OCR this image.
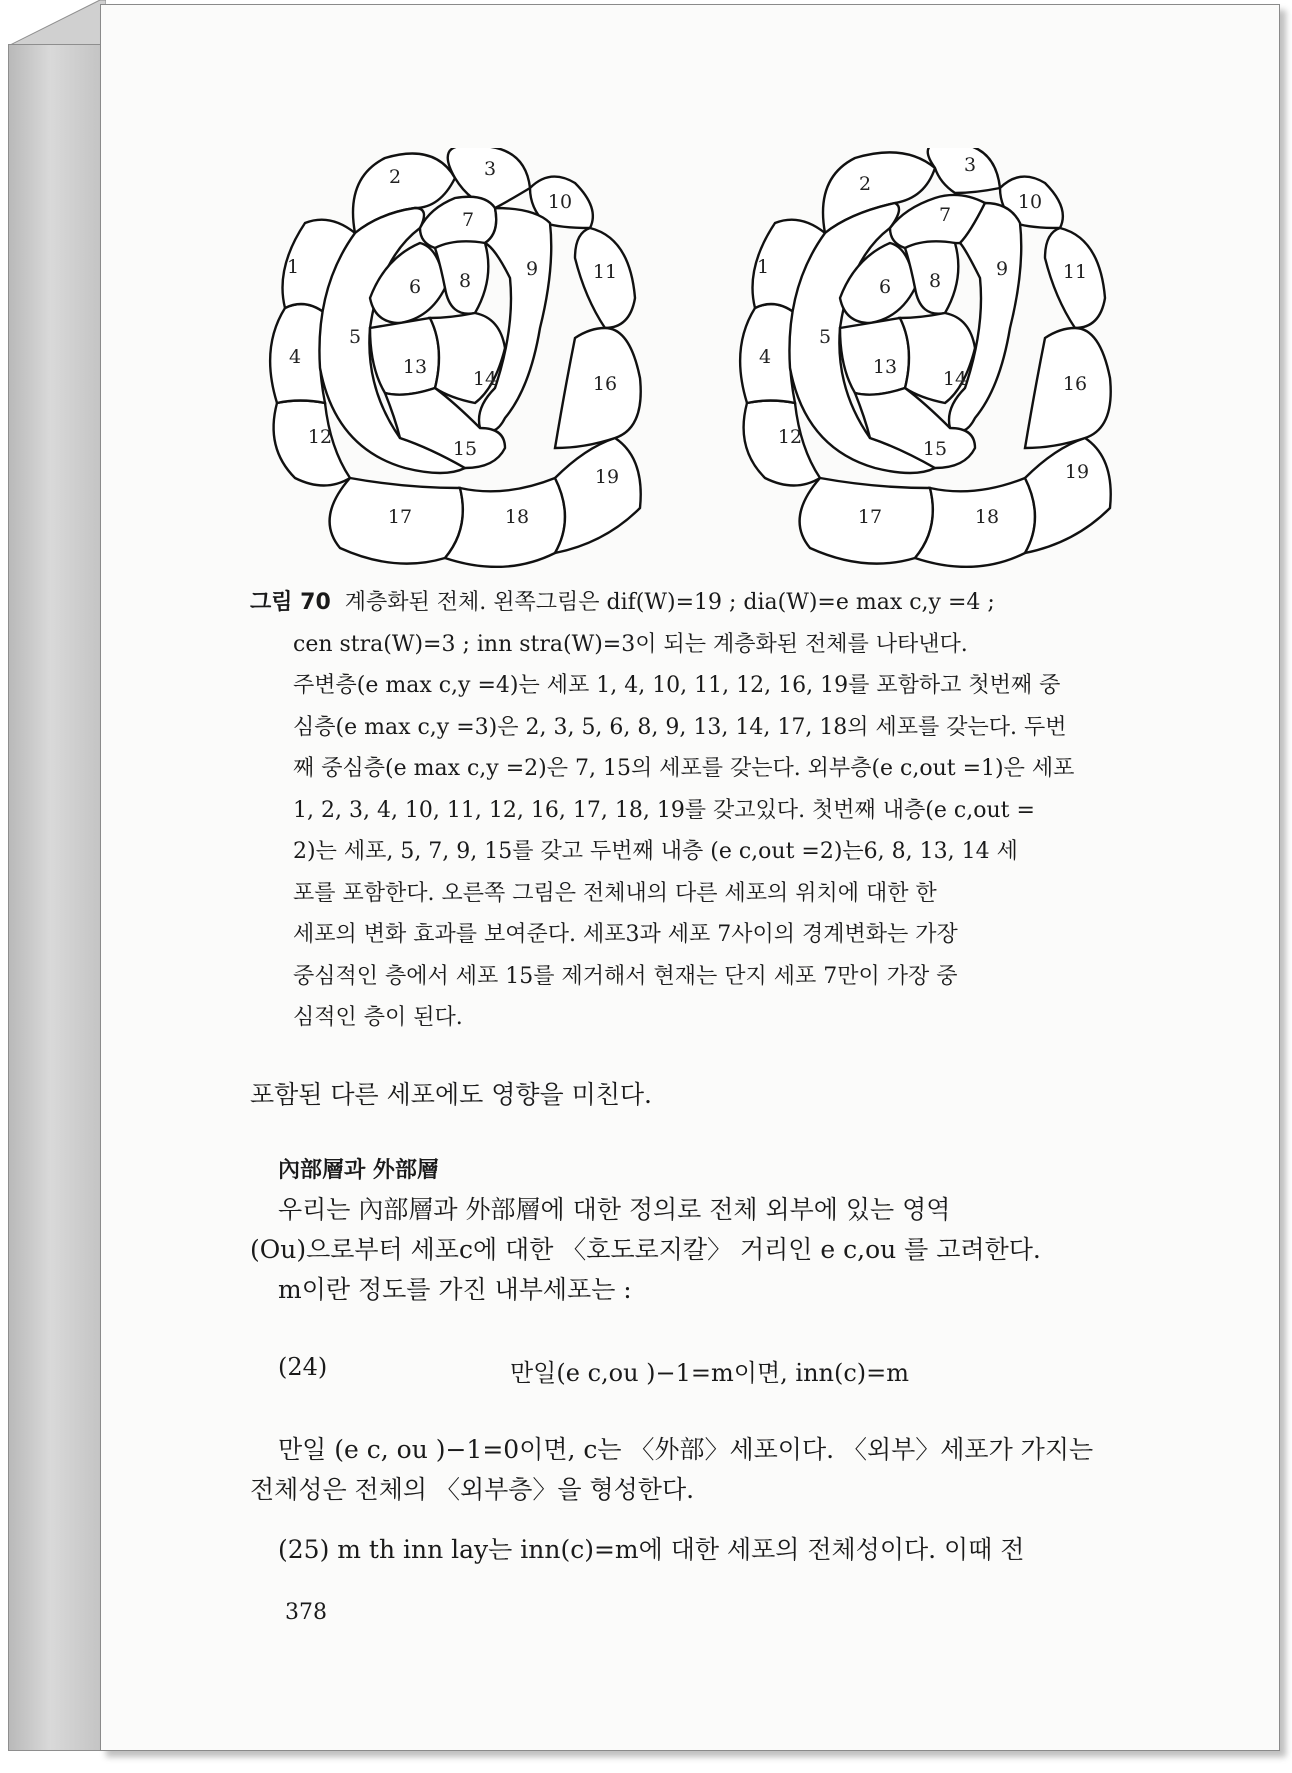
1
2	3
4
5
6
7
8
9
10
11
12
13
14
15
16
17	18
19
1
2
3
4
5
6
7
8
9
10
11
12
13
14
15
16
17	18
19
그림 70 계층화된 전체. 왼쪽그림은 dif(W)=19 ; dia(W)=e max c,y =4 ;
cen stra(W)=3 ; inn stra(W)=3이 되는 계층화된 전체를 나타낸다.
주변층(e max c,y =4)는 세포 1, 4, 10, 11, 12, 16, 19를 포함하고 첫번째 중
심층(e max c,y =3)은 2, 3, 5, 6, 8, 9, 13, 14, 17, 18의 세포를 갖는다. 두번
째 중심층(e max c,y =2)은 7, 15의 세포를 갖는다. 외부층(e c,out =1)은 세포
1, 2, 3, 4, 10, 11, 12, 16, 17, 18, 19를 갖고있다. 첫번째 내층(e c,out =
2)는 세포, 5, 7, 9, 15를 갖고 두번째 내층 (e c,out =2)는6, 8, 13, 14 세
포를 포함한다. 오른쪽 그림은 전체내의 다른 세포의 위치에 대한 한
세포의 변화 효과를 보여준다. 세포3과 세포 7사이의 경계변화는 가장
중심적인 층에서 세포 15를 제거해서 현재는 단지 세포 7만이 가장 중
심적인 층이 된다.
포함된 다른 세포에도 영향을 미친다.
內部層과 外部層
우리는 內部層과 外部層에 대한 정의로 전체 외부에 있는 영역
(Ou)으로부터 세포c에 대한 〈호도로지칼〉 거리인 e c,ou 를 고려한다.
m이란 정도를 가진 내부세포는 :
(24)	만일(e c,ou )−1=m이면, inn(c)=m
만일 (e c, ou )−1=0이면, c는 〈外部〉세포이다. 〈외부〉세포가 가지는
전체성은 전체의 〈외부층〉을 형성한다.
(25) m th inn lay는 inn(c)=m에 대한 세포의 전체성이다. 이때 전
378
